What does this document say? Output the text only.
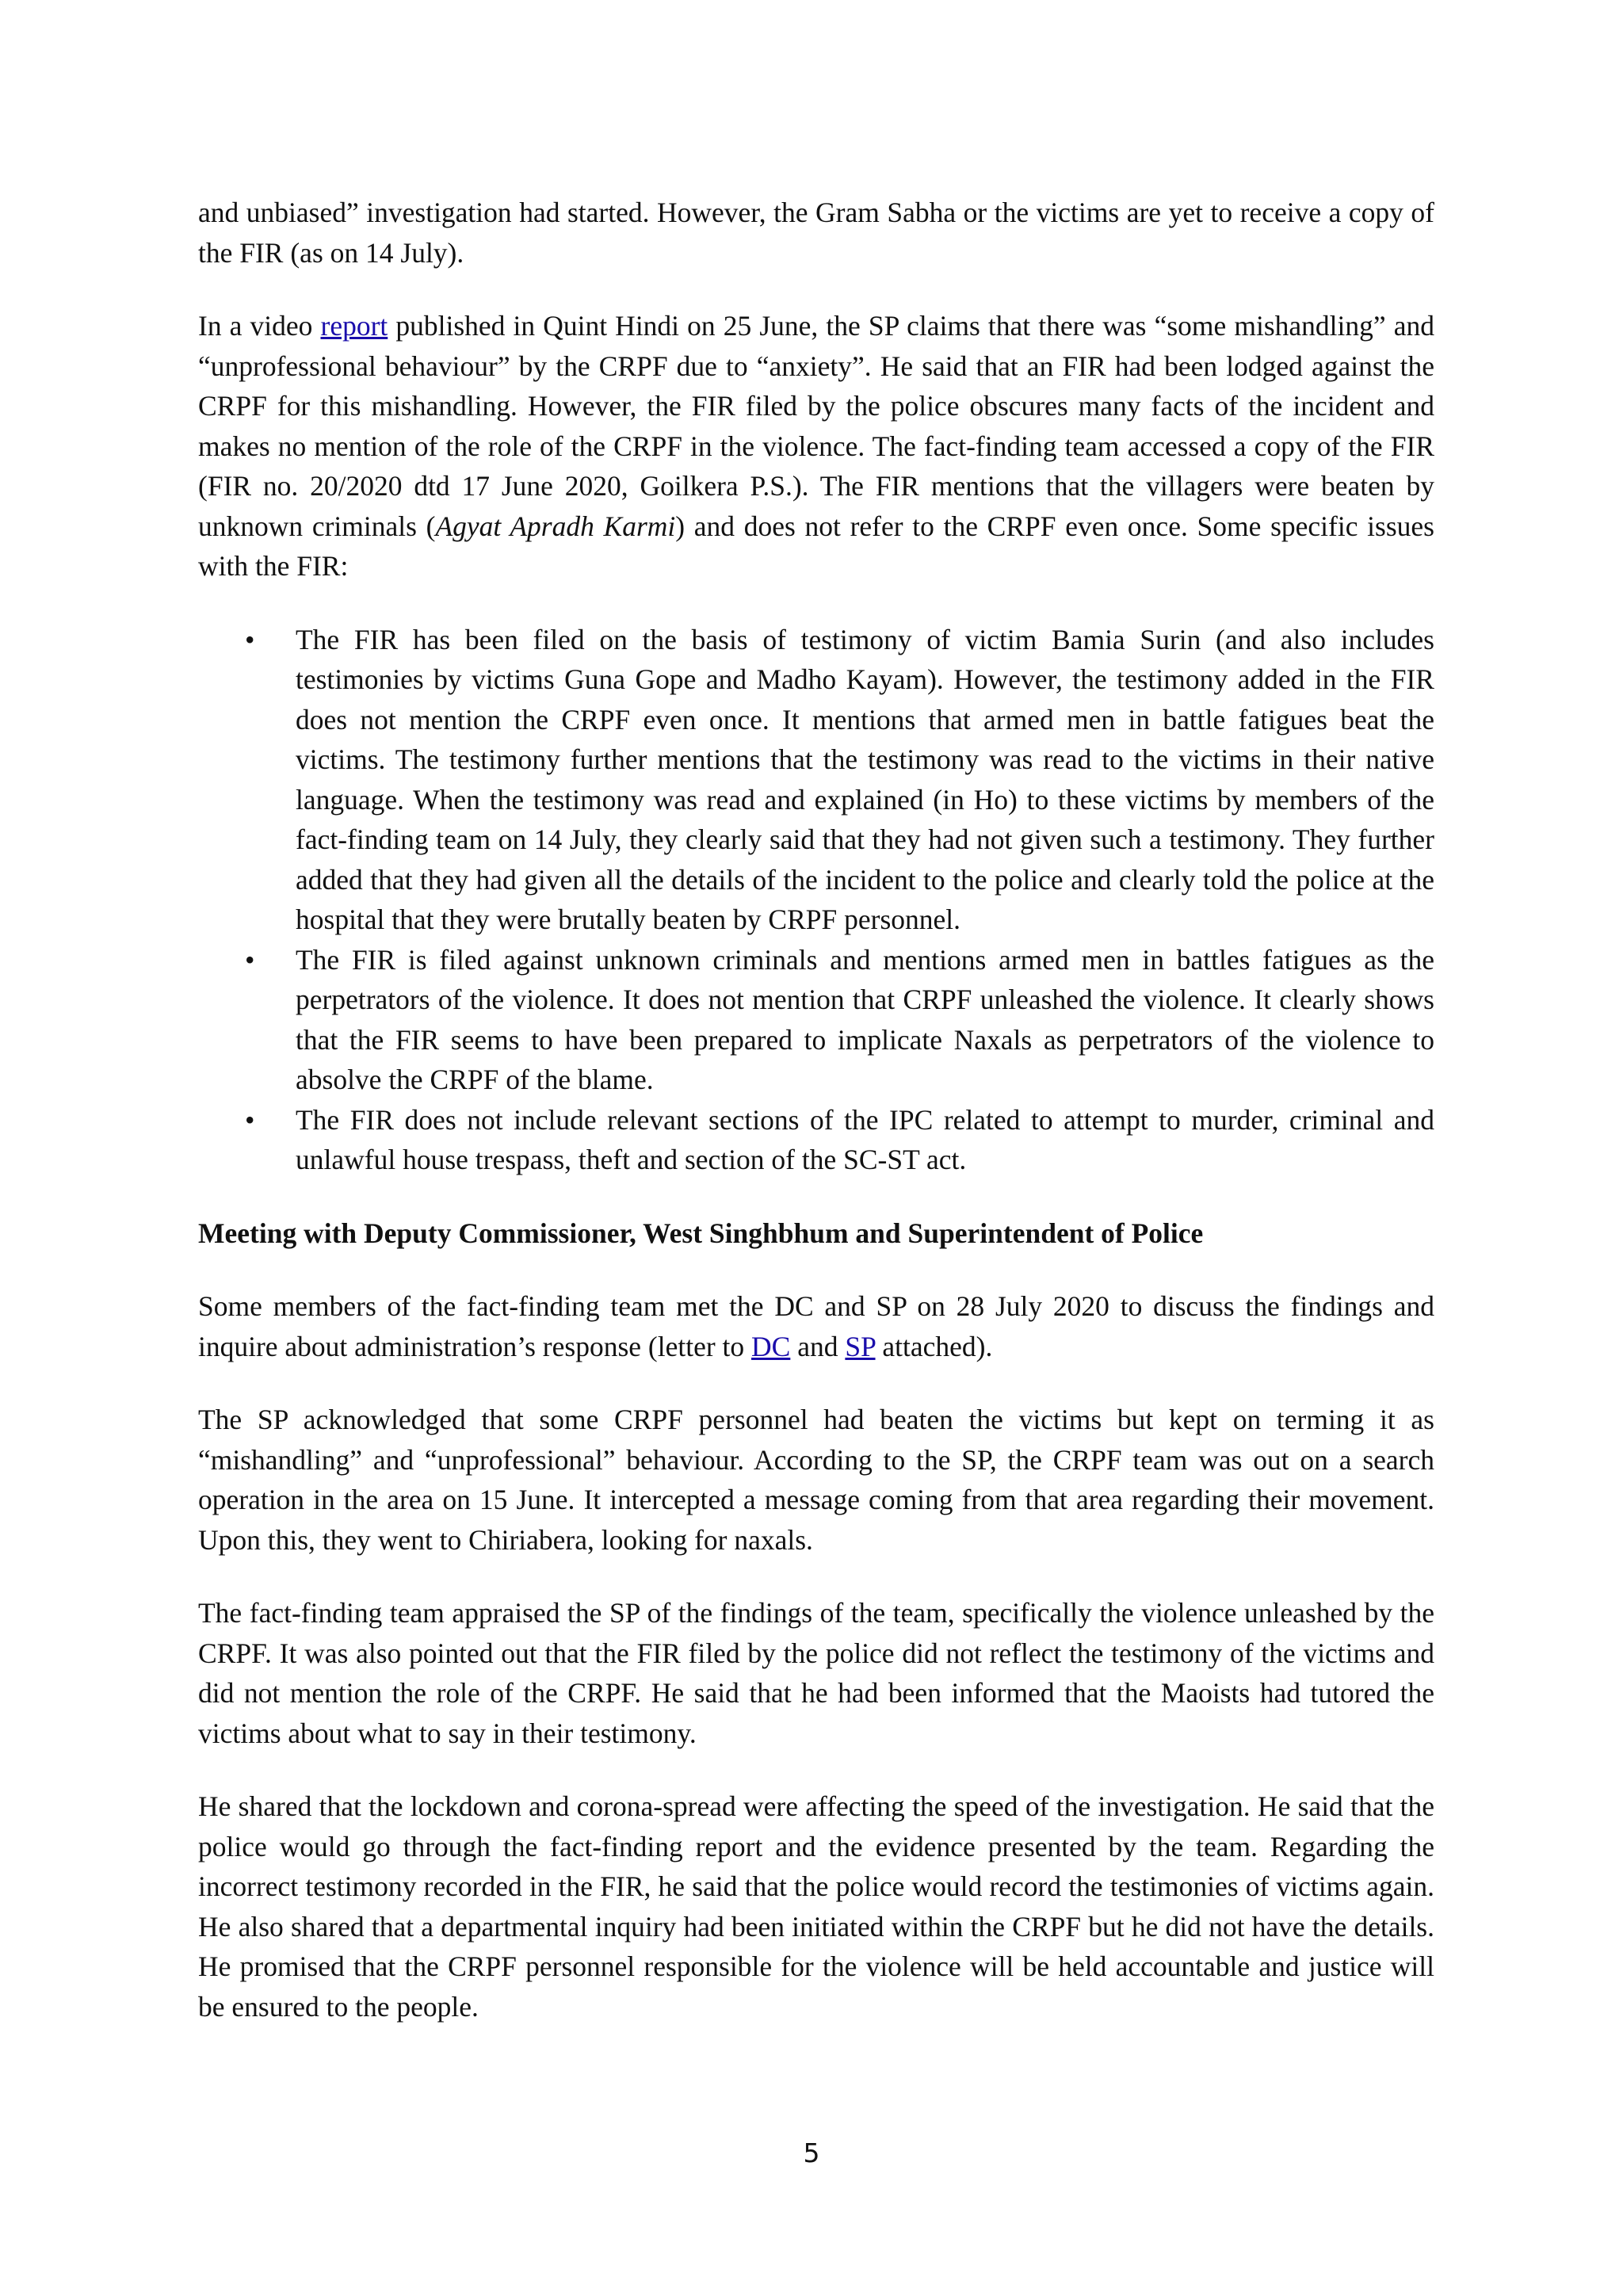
and unbiased” investigation had started. However, the Gram Sabha or the victims are yet to receive a copy of the FIR (as on 14 July).

In a video report published in Quint Hindi on 25 June, the SP claims that there was “some mishandling” and “unprofessional behaviour” by the CRPF due to “anxiety”. He said that an FIR had been lodged against the CRPF for this mishandling. However, the FIR filed by the police obscures many facts of the incident and makes no mention of the role of the CRPF in the violence. The fact-finding team accessed a copy of the FIR (FIR no. 20/2020 dtd 17 June 2020, Goilkera P.S.). The FIR mentions that the villagers were beaten by unknown criminals (Agyat Apradh Karmi) and does not refer to the CRPF even once. Some specific issues with the FIR:

• The FIR has been filed on the basis of testimony of victim Bamia Surin (and also includes testimonies by victims Guna Gope and Madho Kayam). However, the testimony added in the FIR does not mention the CRPF even once. It mentions that armed men in battle fatigues beat the victims. The testimony further mentions that the testimony was read to the victims in their native language. When the testimony was read and explained (in Ho) to these victims by members of the fact-finding team on 14 July, they clearly said that they had not given such a testimony. They further added that they had given all the details of the incident to the police and clearly told the police at the hospital that they were brutally beaten by CRPF personnel.
• The FIR is filed against unknown criminals and mentions armed men in battles fatigues as the perpetrators of the violence. It does not mention that CRPF unleashed the violence. It clearly shows that the FIR seems to have been prepared to implicate Naxals as perpetrators of the violence to absolve the CRPF of the blame.
• The FIR does not include relevant sections of the IPC related to attempt to murder, criminal and unlawful house trespass, theft and section of the SC-ST act.

Meeting with Deputy Commissioner, West Singhbhum and Superintendent of Police

Some members of the fact-finding team met the DC and SP on 28 July 2020 to discuss the findings and inquire about administration’s response (letter to DC and SP attached).

The SP acknowledged that some CRPF personnel had beaten the victims but kept on terming it as “mishandling” and “unprofessional” behaviour. According to the SP, the CRPF team was out on a search operation in the area on 15 June. It intercepted a message coming from that area regarding their movement. Upon this, they went to Chiriabera, looking for naxals.

The fact-finding team appraised the SP of the findings of the team, specifically the violence unleashed by the CRPF. It was also pointed out that the FIR filed by the police did not reflect the testimony of the victims and did not mention the role of the CRPF. He said that he had been informed that the Maoists had tutored the victims about what to say in their testimony.

He shared that the lockdown and corona-spread were affecting the speed of the investigation. He said that the police would go through the fact-finding report and the evidence presented by the team. Regarding the incorrect testimony recorded in the FIR, he said that the police would record the testimonies of victims again. He also shared that a departmental inquiry had been initiated within the CRPF but he did not have the details. He promised that the CRPF personnel responsible for the violence will be held accountable and justice will be ensured to the people.

5
